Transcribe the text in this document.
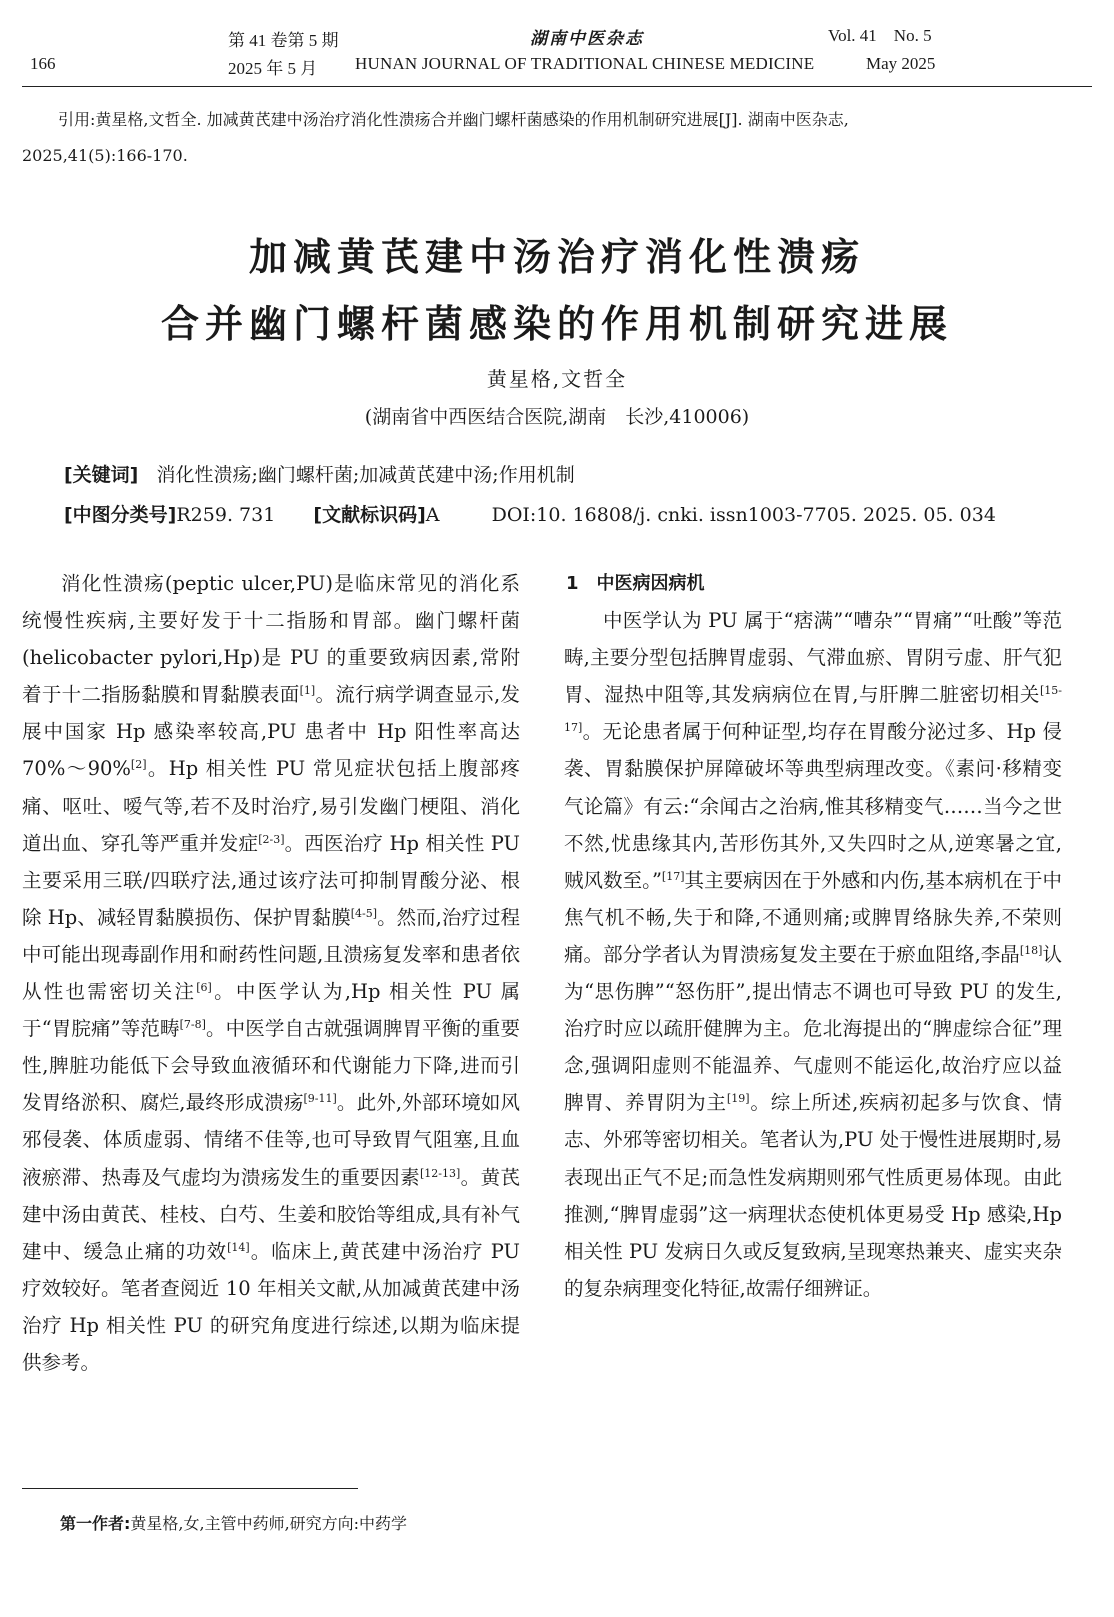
166
第 41 卷第 5 期
2025 年 5 月
湖南中医杂志
HUNAN JOURNAL OF TRADITIONAL CHINESE MEDICINE
Vol. 41    No. 5
May 2025
引用:黄星格,文哲全. 加减黄芪建中汤治疗消化性溃疡合并幽门螺杆菌感染的作用机制研究进展[J]. 湖南中医杂志,
2025,41(5):166-170.
加减黄芪建中汤治疗消化性溃疡
合并幽门螺杆菌感染的作用机制研究进展
黄星格,文哲全
(湖南省中西医结合医院,湖南　长沙,410006)
[关键词] 消化性溃疡;幽门螺杆菌;加减黄芪建中汤;作用机制
[中图分类号]R259. 731 [文献标识码]A	DOI:10. 16808/j. cnki. issn1003-7705. 2025. 05. 034

消化性溃疡(peptic ulcer,PU)是临床常见的消化系统慢性疾病,主要好发于十二指肠和胃部。幽门螺杆菌(helicobacter pylori,Hp)是 PU 的重要致病因素,常附着于十二指肠黏膜和胃黏膜表面[1]。流行病学调查显示,发展中国家 Hp 感染率较高,PU 患者中 Hp 阳性率高达 70%～90%[2]。Hp 相关性 PU 常见症状包括上腹部疼痛、呕吐、嗳气等,若不及时治疗,易引发幽门梗阻、消化道出血、穿孔等严重并发症[2-3]。西医治疗 Hp 相关性 PU 主要采用三联/四联疗法,通过该疗法可抑制胃酸分泌、根除 Hp、减轻胃黏膜损伤、保护胃黏膜[4-5]。然而,治疗过程中可能出现毒副作用和耐药性问题,且溃疡复发率和患者依从性也需密切关注[6]。中医学认为,Hp 相关性 PU 属于“胃脘痛”等范畴[7-8]。中医学自古就强调脾胃平衡的重要性,脾脏功能低下会导致血液循环和代谢能力下降,进而引发胃络淤积、腐烂,最终形成溃疡[9-11]。此外,外部环境如风邪侵袭、体质虚弱、情绪不佳等,也可导致胃气阻塞,且血液瘀滞、热毒及气虚均为溃疡发生的重要因素[12-13]。黄芪建中汤由黄芪、桂枝、白芍、生姜和胶饴等组成,具有补气建中、缓急止痛的功效[14]。临床上,黄芪建中汤治疗 PU 疗效较好。笔者查阅近 10 年相关文献,从加减黄芪建中汤治疗 Hp 相关性 PU 的研究角度进行综述,以期为临床提供参考。

1　中医病因病机

中医学认为 PU 属于“痞满”“嘈杂”“胃痛”“吐酸”等范畴,主要分型包括脾胃虚弱、气滞血瘀、胃阴亏虚、肝气犯胃、湿热中阻等,其发病病位在胃,与肝脾二脏密切相关[15-17]。无论患者属于何种证型,均存在胃酸分泌过多、Hp 侵袭、胃黏膜保护屏障破坏等典型病理改变。《素问·移精变气论篇》有云:“余闻古之治病,惟其移精变气……当今之世不然,忧患缘其内,苦形伤其外,又失四时之从,逆寒暑之宜,贼风数至。”[17]其主要病因在于外感和内伤,基本病机在于中焦气机不畅,失于和降,不通则痛;或脾胃络脉失养,不荣则痛。部分学者认为胃溃疡复发主要在于瘀血阻络,李晶[18]认为“思伤脾”“怒伤肝”,提出情志不调也可导致 PU 的发生,治疗时应以疏肝健脾为主。危北海提出的“脾虚综合征”理念,强调阳虚则不能温养、气虚则不能运化,故治疗应以益脾胃、养胃阴为主[19]。综上所述,疾病初起多与饮食、情志、外邪等密切相关。笔者认为,PU 处于慢性进展期时,易表现出正气不足;而急性发病期则邪气性质更易体现。由此推测,“脾胃虚弱”这一病理状态使机体更易受 Hp 感染,Hp 相关性 PU 发病日久或反复致病,呈现寒热兼夹、虚实夹杂的复杂病理变化特征,故需仔细辨证。

第一作者:黄星格,女,主管中药师,研究方向:中药学
